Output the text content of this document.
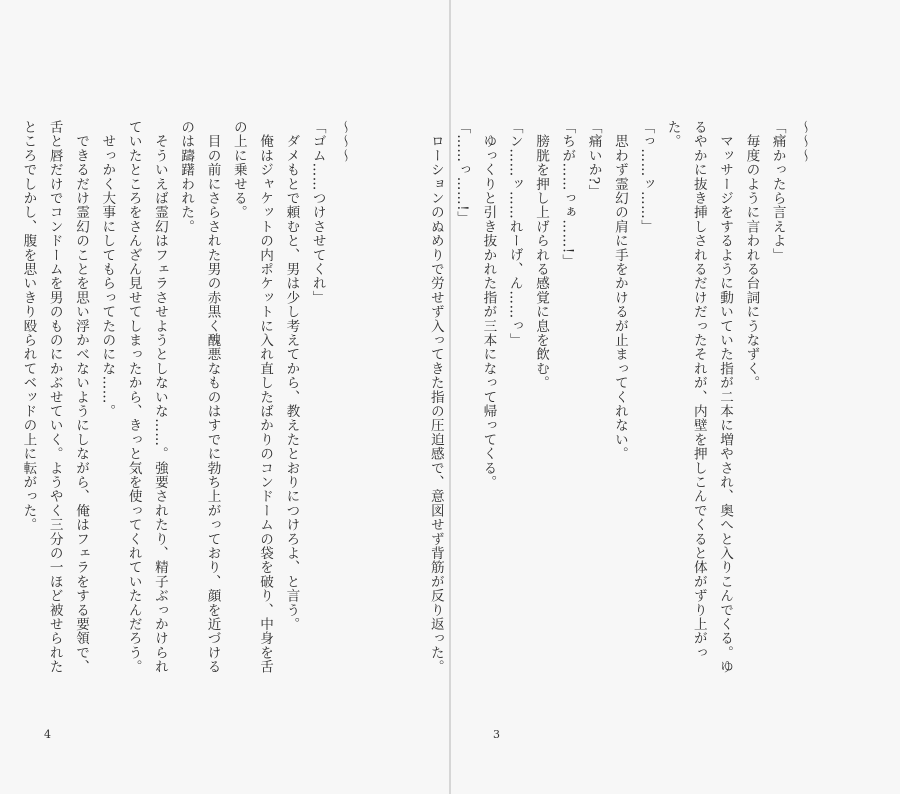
〜〜〜

「ゴム……つけさせてくれ」

　ダメもとで頼むと、男は少し考えてから、教えたとおりにつけろよ、と言う。

　俺はジャケットの内ポケットに入れ直したばかりのコンドームの袋を破り、中身を舌の上に乗せる。

　目の前にさらされた男の赤黒く醜悪なものはすでに勃ち上がっており、顔を近づけるのは躊躇われた。

　そういえば霊幻はフェラさせようとしないな……。強要されたり、精子ぶっかけられていたところをさんざん見せてしまったから、きっと気を使ってくれていたんだろう。

　せっかく大事にしてもらってたのにな……。

　できるだけ霊幻のことを思い浮かべないようにしながら、俺はフェラをする要領で、舌と唇だけでコンドームを男のものにかぶせていく。ようやく三分の一ほど被せられたところでしかし、腹を思いきり殴られてベッドの上に転がった。

4

〜〜〜

「痛かったら言えよ」

　毎度のように言われる台詞にうなずく。

　マッサージをするように動いていた指が二本に増やされ、奥へと入りこんでくる。ゆるやかに抜き挿しされるだけだったそれが、内壁を押しこんでくると体がずり上がった。

「っ……ッ……」

　思わず霊幻の肩に手をかけるが止まってくれない。

「痛いか?」

「ちが……っぁ……!」

　膀胱を押し上げられる感覚に息を飲む。

「ン……ッ……れーげ、ん……っ」

　ゆっくりと引き抜かれた指が三本になって帰ってくる。

「……っ……!」

　ローションのぬめりで労せず入ってきた指の圧迫感で、意図せず背筋が反り返った。

3
